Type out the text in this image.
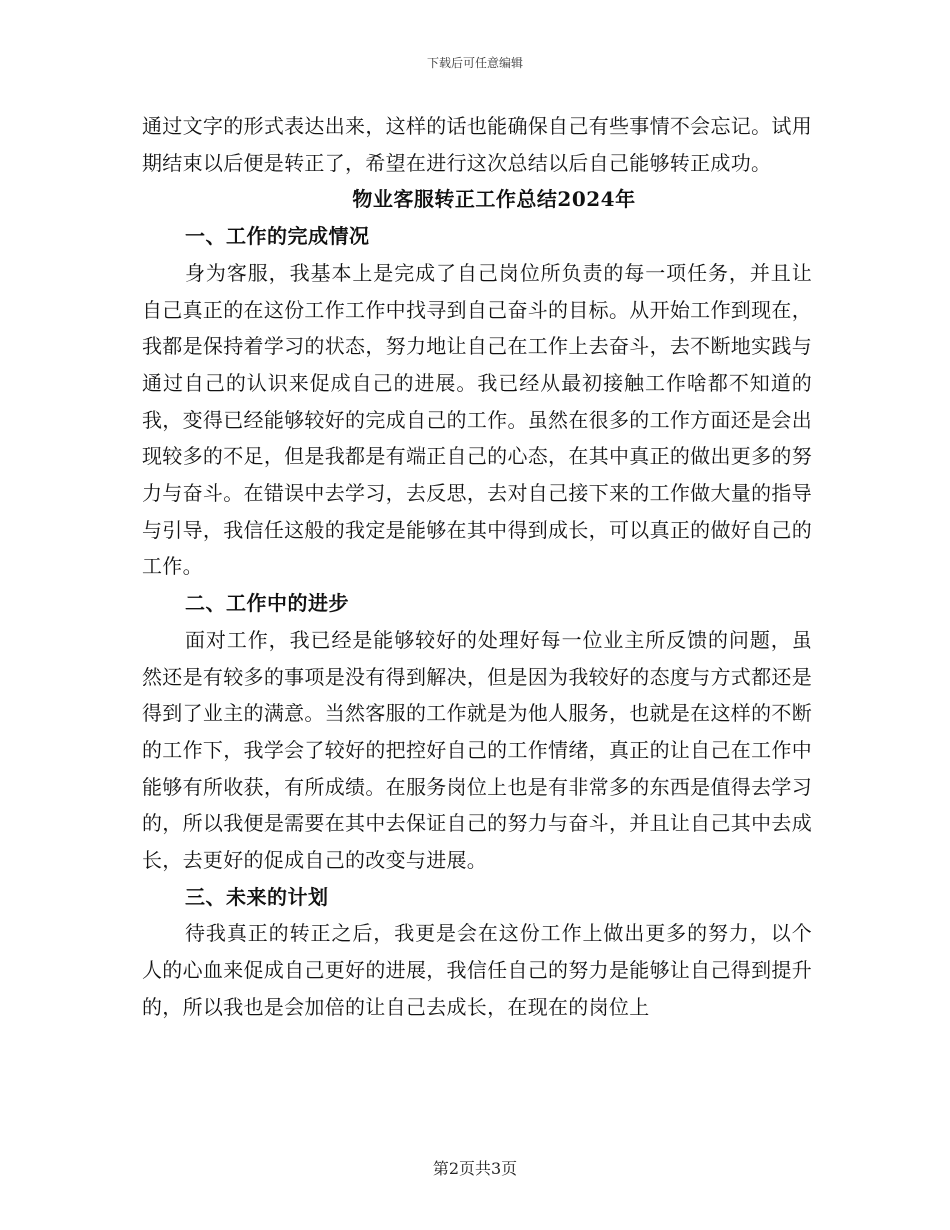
下载后可任意编辑

通过文字的形式表达出来，这样的话也能确保自己有些事情不会忘记。试用期结束以后便是转正了，希望在进行这次总结以后自己能够转正成功。

物业客服转正工作总结2024年

一、工作的完成情况

身为客服，我基本上是完成了自己岗位所负责的每一项任务，并且让自己真正的在这份工作工作中找寻到自己奋斗的目标。从开始工作到现在，我都是保持着学习的状态，努力地让自己在工作上去奋斗，去不断地实践与通过自己的认识来促成自己的进展。我已经从最初接触工作啥都不知道的我，变得已经能够较好的完成自己的工作。虽然在很多的工作方面还是会出现较多的不足，但是我都是有端正自己的心态，在其中真正的做出更多的努力与奋斗。在错误中去学习，去反思，去对自己接下来的工作做大量的指导与引导，我信任这般的我定是能够在其中得到成长，可以真正的做好自己的工作。

二、工作中的进步

面对工作，我已经是能够较好的处理好每一位业主所反馈的问题，虽然还是有较多的事项是没有得到解决，但是因为我较好的态度与方式都还是得到了业主的满意。当然客服的工作就是为他人服务，也就是在这样的不断的工作下，我学会了较好的把控好自己的工作情绪，真正的让自己在工作中能够有所收获，有所成绩。在服务岗位上也是有非常多的东西是值得去学习的，所以我便是需要在其中去保证自己的努力与奋斗，并且让自己其中去成长，去更好的促成自己的改变与进展。

三、未来的计划

待我真正的转正之后，我更是会在这份工作上做出更多的努力，以个人的心血来促成自己更好的进展，我信任自己的努力是能够让自己得到提升的，所以我也是会加倍的让自己去成长，在现在的岗位上

第2页共3页
